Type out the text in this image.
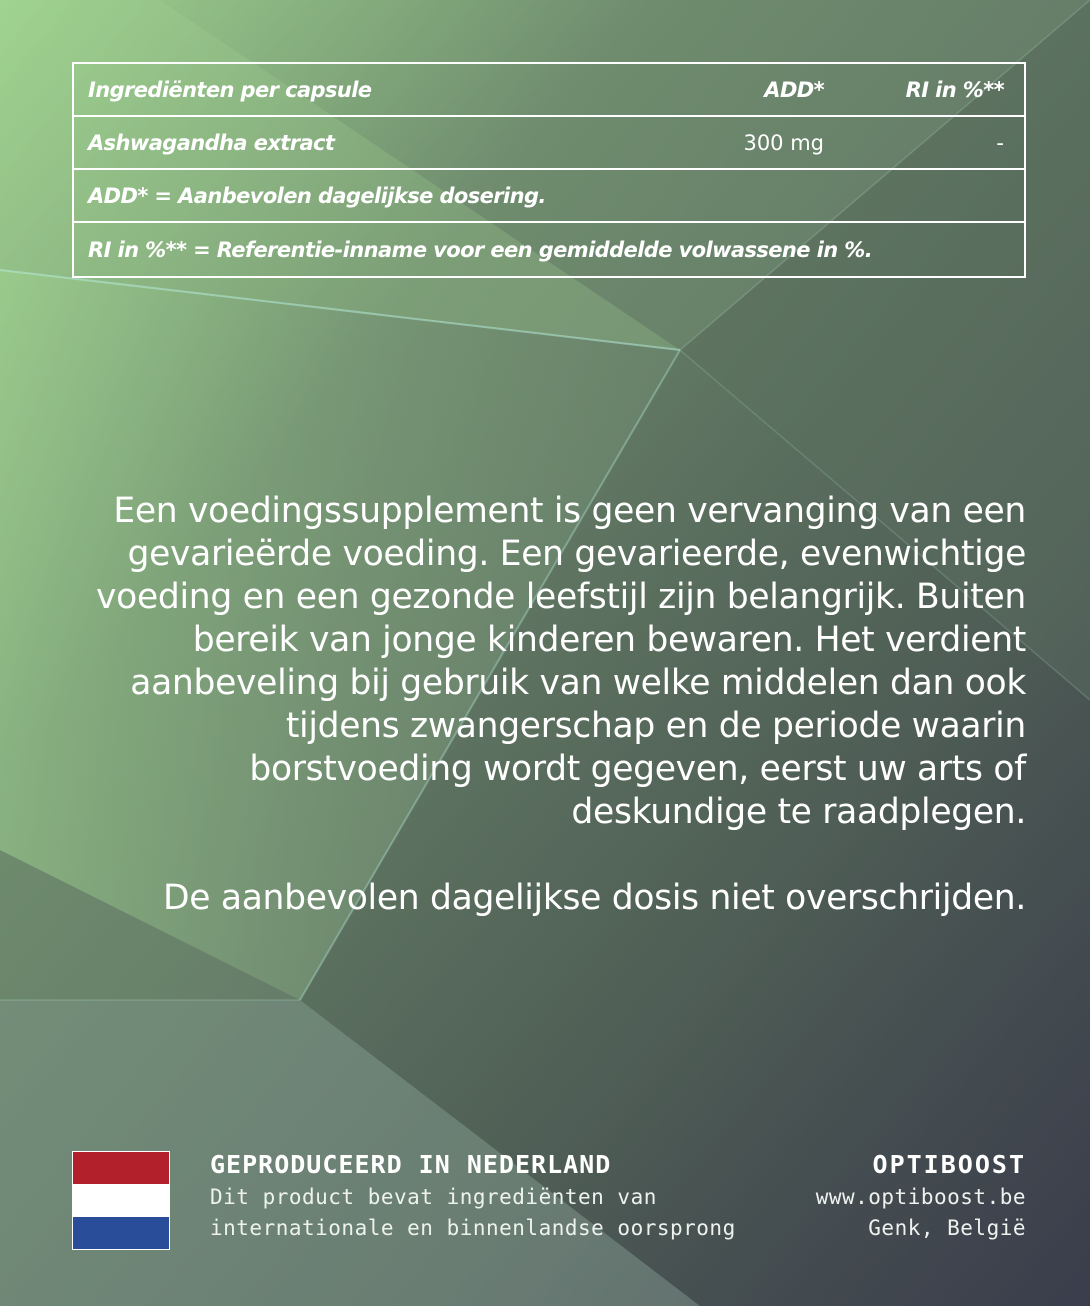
Ingrediënten per capsule	ADD*	RI in %**
Ashwagandha extract	300 mg	-
ADD* = Aanbevolen dagelijkse dosering.
RI in %** = Referentie-inname voor een gemiddelde volwassene in %.

Een voedingssupplement is geen vervanging van een gevarieërde voeding. Een gevarieerde, evenwichtige voeding en een gezonde leefstijl zijn belangrijk. Buiten bereik van jonge kinderen bewaren. Het verdient aanbeveling bij gebruik van welke middelen dan ook tijdens zwangerschap en de periode waarin borstvoeding wordt gegeven, eerst uw arts of deskundige te raadplegen.

De aanbevolen dagelijkse dosis niet overschrijden.

GEPRODUCEERD IN NEDERLAND
Dit product bevat ingrediënten van
internationale en binnenlandse oorsprong
OPTIBOOST
www.optiboost.be
Genk, België
